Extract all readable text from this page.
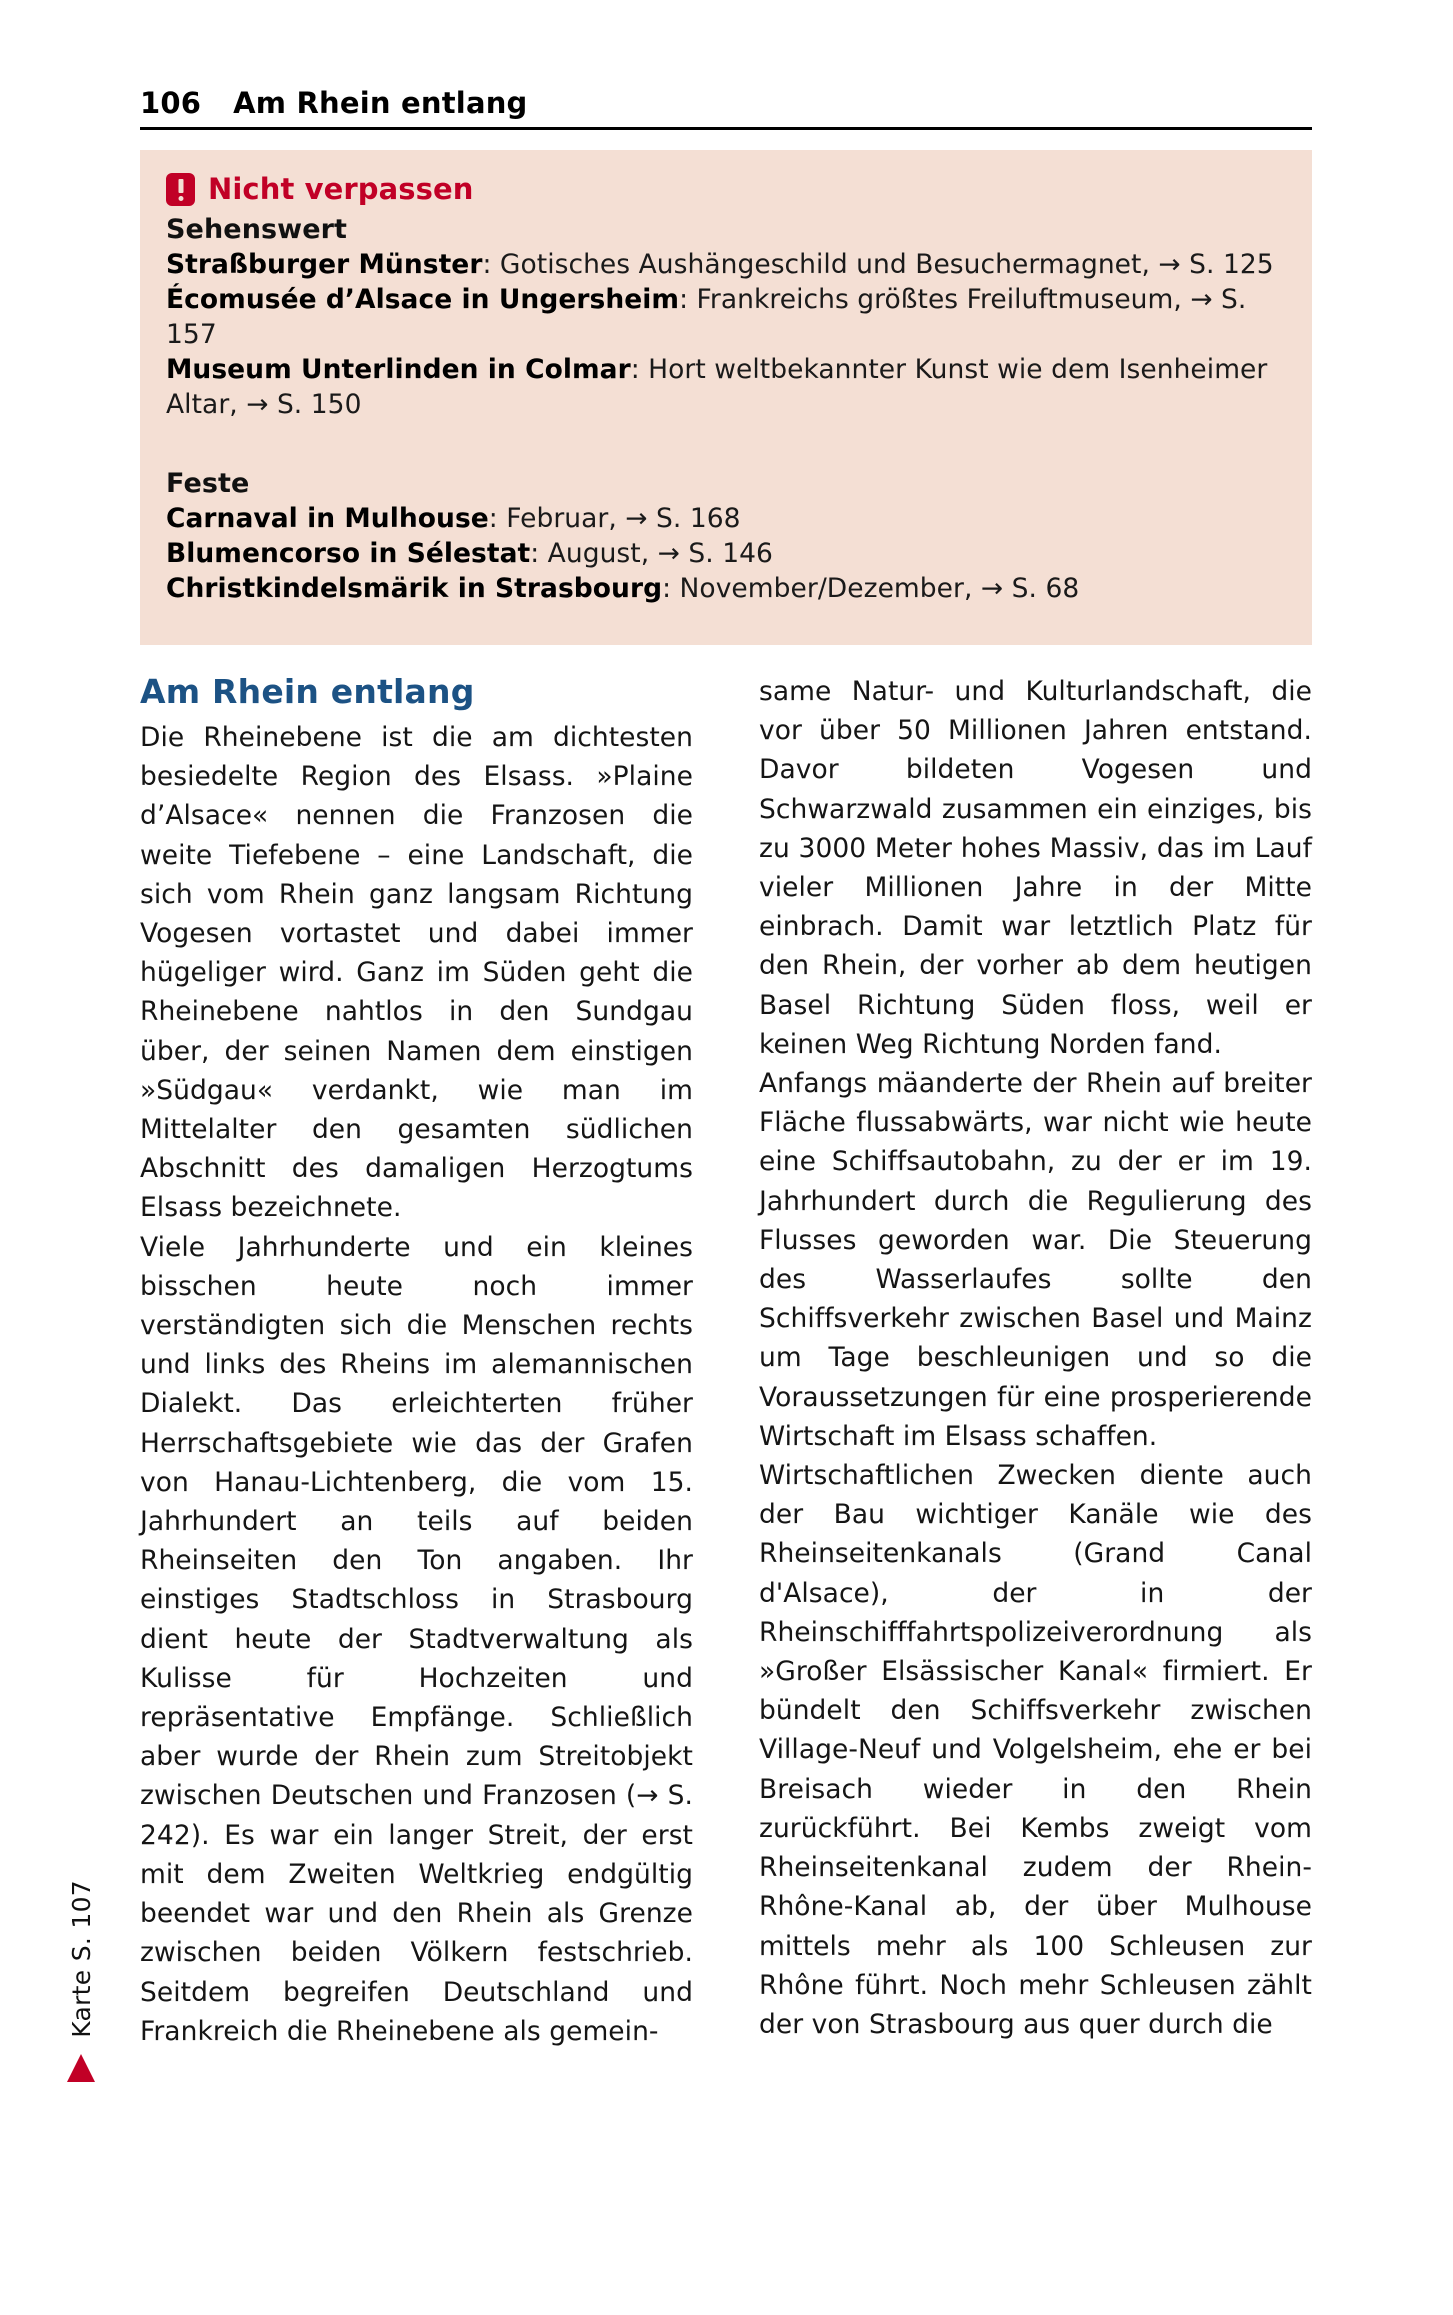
106 Am Rhein entlang
Nicht verpassen
Sehenswert
Straßburger Münster: Gotisches Aushängeschild und Besuchermagnet, → S. 125
Écomusée d’Alsace in Ungersheim: Frankreichs größtes Freiluftmuseum, → S. 157
Museum Unterlinden in Colmar: Hort weltbekannter Kunst wie dem Isenheimer Altar, → S. 150
Feste
Carnaval in Mulhouse: Februar, → S. 168
Blumencorso in Sélestat: August, → S. 146
Christkindelsmärik in Strasbourg: November/Dezember, → S. 68
Am Rhein entlang

Die Rheinebene ist die am dichtesten besiedelte Region des Elsass. »Plaine d’Alsace« nennen die Franzosen die weite Tiefebene – eine Landschaft, die sich vom Rhein ganz langsam Richtung Vogesen vortastet und dabei immer hügeliger wird. Ganz im Süden geht die Rheinebene nahtlos in den Sundgau über, der seinen Namen dem einstigen »Südgau« verdankt, wie man im Mittelalter den gesamten südlichen Abschnitt des damaligen Herzogtums Elsass bezeichnete.

Viele Jahrhunderte und ein kleines bisschen heute noch immer verständigten sich die Menschen rechts und links des Rheins im alemannischen Dialekt. Das erleichterten früher Herrschaftsgebiete wie das der Grafen von Hanau-Lichtenberg, die vom 15. Jahrhundert an teils auf beiden Rheinseiten den Ton angaben. Ihr einstiges Stadtschloss in Strasbourg dient heute der Stadtverwaltung als Kulisse für Hochzeiten und repräsentative Empfänge. Schließlich aber wurde der Rhein zum Streitobjekt zwischen Deutschen und Franzosen (→ S. 242). Es war ein langer Streit, der erst mit dem Zweiten Weltkrieg endgültig beendet war und den Rhein als Grenze zwischen beiden Völkern festschrieb. Seitdem begreifen Deutschland und Frankreich die Rheinebene als gemein-

same Natur- und Kulturlandschaft, die vor über 50 Millionen Jahren entstand. Davor bildeten Vogesen und Schwarzwald zusammen ein einziges, bis zu 3000 Meter hohes Massiv, das im Lauf vieler Millionen Jahre in der Mitte einbrach. Damit war letztlich Platz für den Rhein, der vorher ab dem heutigen Basel Richtung Süden floss, weil er keinen Weg Richtung Norden fand.

Anfangs mäanderte der Rhein auf breiter Fläche flussabwärts, war nicht wie heute eine Schiffsautobahn, zu der er im 19. Jahrhundert durch die Regulierung des Flusses geworden war. Die Steuerung des Wasserlaufes sollte den Schiffsverkehr zwischen Basel und Mainz um Tage beschleunigen und so die Voraussetzungen für eine prosperierende Wirtschaft im Elsass schaffen.

Wirtschaftlichen Zwecken diente auch der Bau wichtiger Kanäle wie des Rheinseitenkanals (Grand Canal d'Alsace), der in der Rheinschifffahrtspolizeiverordnung als »Großer Elsässischer Kanal« firmiert. Er bündelt den Schiffsverkehr zwischen Village-Neuf und Volgelsheim, ehe er bei Breisach wieder in den Rhein zurückführt. Bei Kembs zweigt vom Rheinseitenkanal zudem der Rhein-Rhône-Kanal ab, der über Mulhouse mittels mehr als 100 Schleusen zur Rhône führt. Noch mehr Schleusen zählt der von Strasbourg aus quer durch die

Karte S. 107
